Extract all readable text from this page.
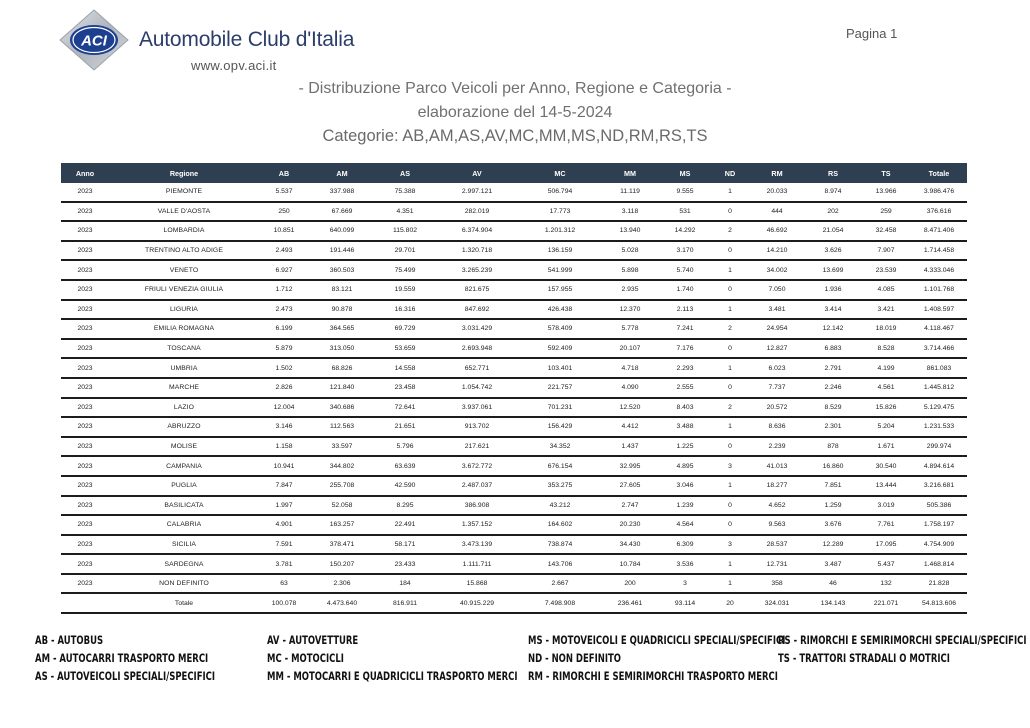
ACI Automobile Club d'Italia
www.opv.aci.it
Pagina 1
- Distribuzione Parco Veicoli per Anno, Regione e Categoria -
elaborazione del 14-5-2024
Categorie: AB,AM,AS,AV,MC,MM,MS,ND,RM,RS,TS
Anno	Regione	AB	AM	AS	AV	MC	MM	MS	ND	RM	RS	TS	Totale
2023	PIEMONTE	5.537	337.988	75.388	2.997.121	506.794	11.119	9.555	1	20.033	8.974	13.966	3.986.476
2023	VALLE D'AOSTA	250	67.669	4.351	282.019	17.773	3.118	531	0	444	202	259	376.616
2023	LOMBARDIA	10.851	640.099	115.802	6.374.904	1.201.312	13.940	14.292	2	46.692	21.054	32.458	8.471.406
2023	TRENTINO ALTO ADIGE	2.493	191.446	29.701	1.320.718	136.159	5.028	3.170	0	14.210	3.626	7.907	1.714.458
2023	VENETO	6.927	360.503	75.499	3.265.239	541.999	5.898	5.740	1	34.002	13.699	23.539	4.333.046
2023	FRIULI VENEZIA GIULIA	1.712	83.121	19.559	821.675	157.955	2.935	1.740	0	7.050	1.936	4.085	1.101.768
2023	LIGURIA	2.473	90.878	16.316	847.692	426.438	12.370	2.113	1	3.481	3.414	3.421	1.408.597
2023	EMILIA ROMAGNA	6.199	364.565	69.729	3.031.429	578.409	5.778	7.241	2	24.954	12.142	18.019	4.118.467
2023	TOSCANA	5.879	313.050	53.659	2.693.948	592.409	20.107	7.176	0	12.827	6.883	8.528	3.714.466
2023	UMBRIA	1.502	68.826	14.558	652.771	103.401	4.718	2.293	1	6.023	2.791	4.199	861.083
2023	MARCHE	2.826	121.840	23.458	1.054.742	221.757	4.090	2.555	0	7.737	2.246	4.561	1.445.812
2023	LAZIO	12.004	340.686	72.641	3.937.061	701.231	12.520	8.403	2	20.572	8.529	15.826	5.129.475
2023	ABRUZZO	3.146	112.563	21.651	913.702	156.429	4.412	3.488	1	8.636	2.301	5.204	1.231.533
2023	MOLISE	1.158	33.597	5.796	217.621	34.352	1.437	1.225	0	2.239	878	1.671	299.974
2023	CAMPANIA	10.941	344.802	63.639	3.672.772	676.154	32.995	4.895	3	41.013	16.860	30.540	4.894.614
2023	PUGLIA	7.847	255.708	42.590	2.487.037	353.275	27.605	3.046	1	18.277	7.851	13.444	3.216.681
2023	BASILICATA	1.997	52.058	8.295	386.908	43.212	2.747	1.239	0	4.652	1.259	3.019	505.386
2023	CALABRIA	4.901	163.257	22.491	1.357.152	164.602	20.230	4.564	0	9.563	3.676	7.761	1.758.197
2023	SICILIA	7.591	378.471	58.171	3.473.139	738.874	34.430	6.309	3	28.537	12.289	17.095	4.754.909
2023	SARDEGNA	3.781	150.207	23.433	1.111.711	143.706	10.784	3.536	1	12.731	3.487	5.437	1.468.814
2023	NON DEFINITO	63	2.306	184	15.868	2.667	200	3	1	358	46	132	21.828
	Totale	100.078	4.473.640	816.911	40.915.229	7.498.908	236.461	93.114	20	324.031	134.143	221.071	54.813.606
AB - AUTOBUS
AM - AUTOCARRI TRASPORTO MERCI
AS - AUTOVEICOLI SPECIALI/SPECIFICI
AV - AUTOVETTURE
MC - MOTOCICLI
MM - MOTOCARRI E QUADRICICLI TRASPORTO MERCI
MS - MOTOVEICOLI E QUADRICICLI SPECIALI/SPECIFICI
ND - NON DEFINITO
RM - RIMORCHI E SEMIRIMORCHI TRASPORTO MERCI
RS - RIMORCHI E SEMIRIMORCHI SPECIALI/SPECIFICI
TS - TRATTORI STRADALI O MOTRICI
